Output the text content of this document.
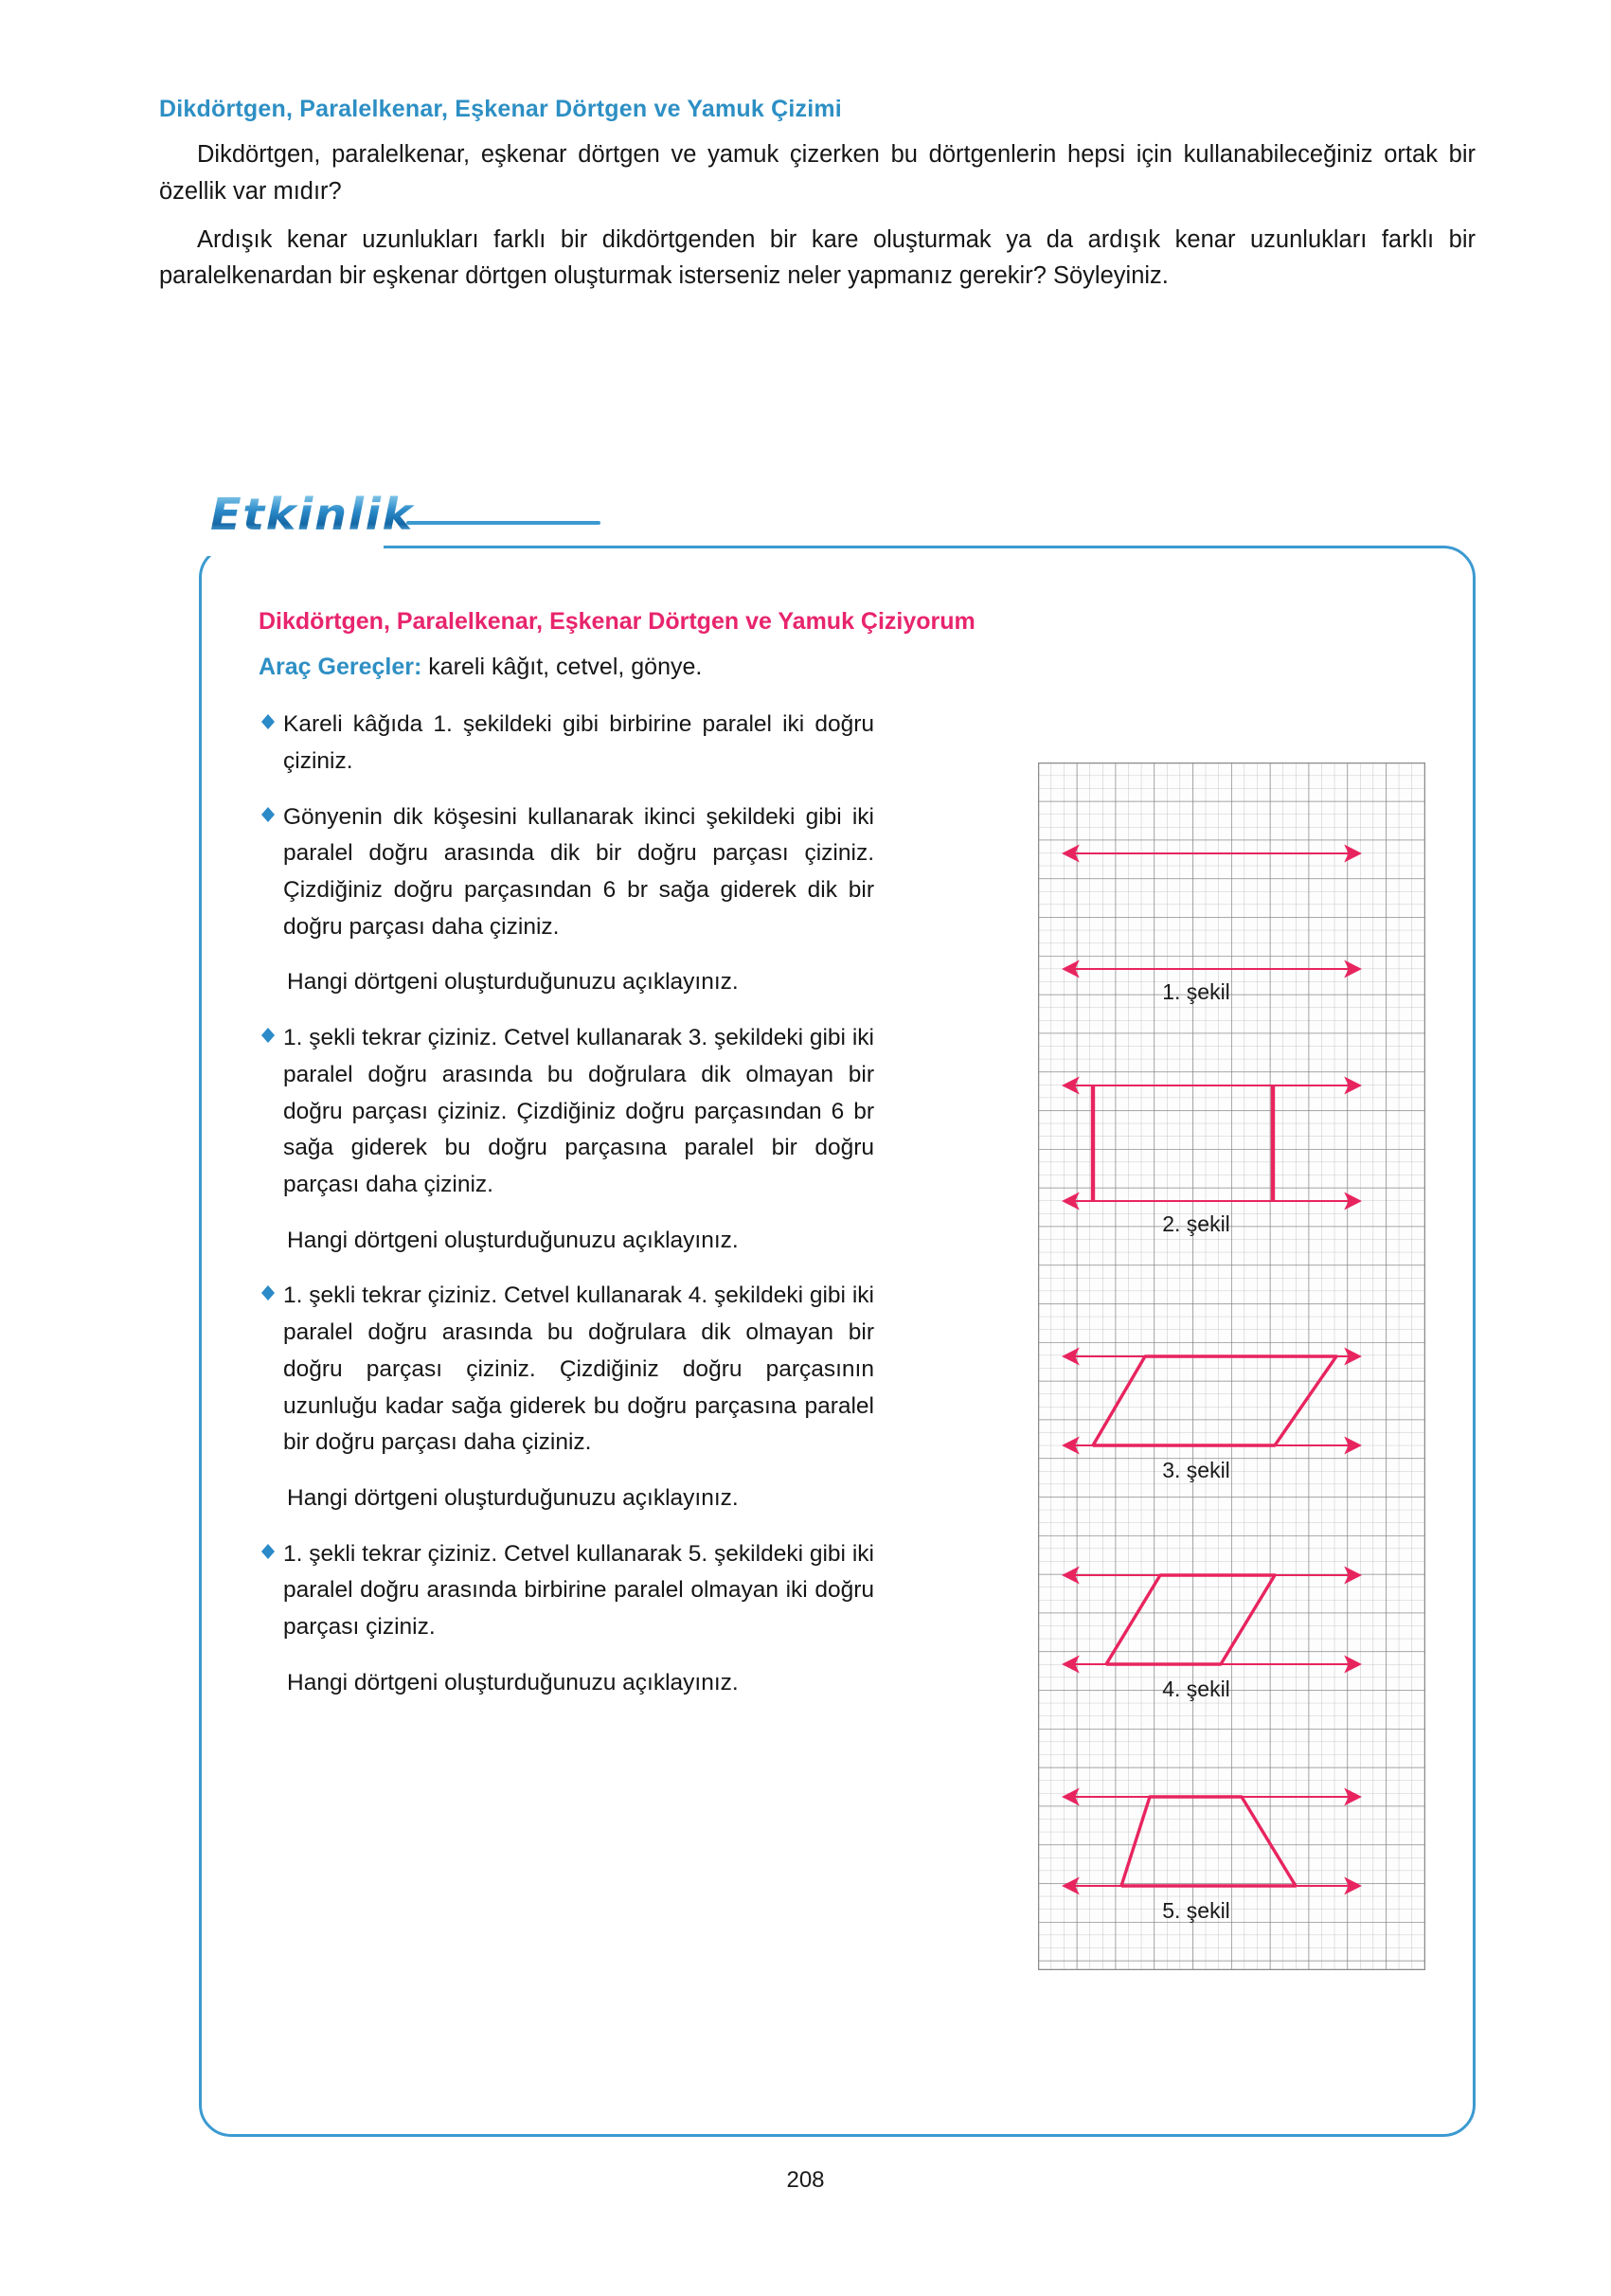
Dikdörtgen, Paralelkenar, Eşkenar Dörtgen ve Yamuk Çizimi

Dikdörtgen, paralelkenar, eşkenar dörtgen ve yamuk çizerken bu dörtgenlerin hepsi için kullanabileceğiniz ortak bir özellik var mıdır?

Ardışık kenar uzunlukları farklı bir dikdörtgenden bir kare oluşturmak ya da ardışık kenar uzunlukları farklı bir paralelkenardan bir eşkenar dörtgen oluşturmak isterseniz neler yapmanız gerekir? Söyleyiniz.

Etkinlik
Dikdörtgen, Paralelkenar, Eşkenar Dörtgen ve Yamuk Çiziyorum

Araç Gereçler: kareli kâğıt, cetvel, gönye.

Kareli kâğıda 1. şekildeki gibi birbirine paralel iki doğru çiziniz.
Gönyenin dik köşesini kullanarak ikinci şekildeki gibi iki paralel doğru arasında dik bir doğru parçası çiziniz. Çizdiğiniz doğru parçasından 6 br sağa giderek dik bir doğru parçası daha çiziniz.

Hangi dörtgeni oluşturduğunuzu açıklayınız.

1. şekli tekrar çiziniz. Cetvel kullanarak 3. şekildeki gibi iki paralel doğru arasında bu doğrulara dik olmayan bir doğru parçası çiziniz. Çizdiğiniz doğru parçasından 6 br sağa giderek bu doğru parçasına paralel bir doğru parçası daha çiziniz.

Hangi dörtgeni oluşturduğunuzu açıklayınız.

1. şekli tekrar çiziniz. Cetvel kullanarak 4. şekildeki gibi iki paralel doğru arasında bu doğrulara dik olmayan bir doğru parçası çiziniz. Çizdiğiniz doğru parçasının uzunluğu kadar sağa giderek bu doğru parçasına paralel bir doğru parçası daha çiziniz.

Hangi dörtgeni oluşturduğunuzu açıklayınız.

1. şekli tekrar çiziniz. Cetvel kullanarak 5. şekildeki gibi iki paralel doğru arasında birbirine paralel olmayan iki doğru parçası çiziniz.

Hangi dörtgeni oluşturduğunuzu açıklayınız.

1. şekil
2. şekil
3. şekil
4. şekil
5. şekil
208
